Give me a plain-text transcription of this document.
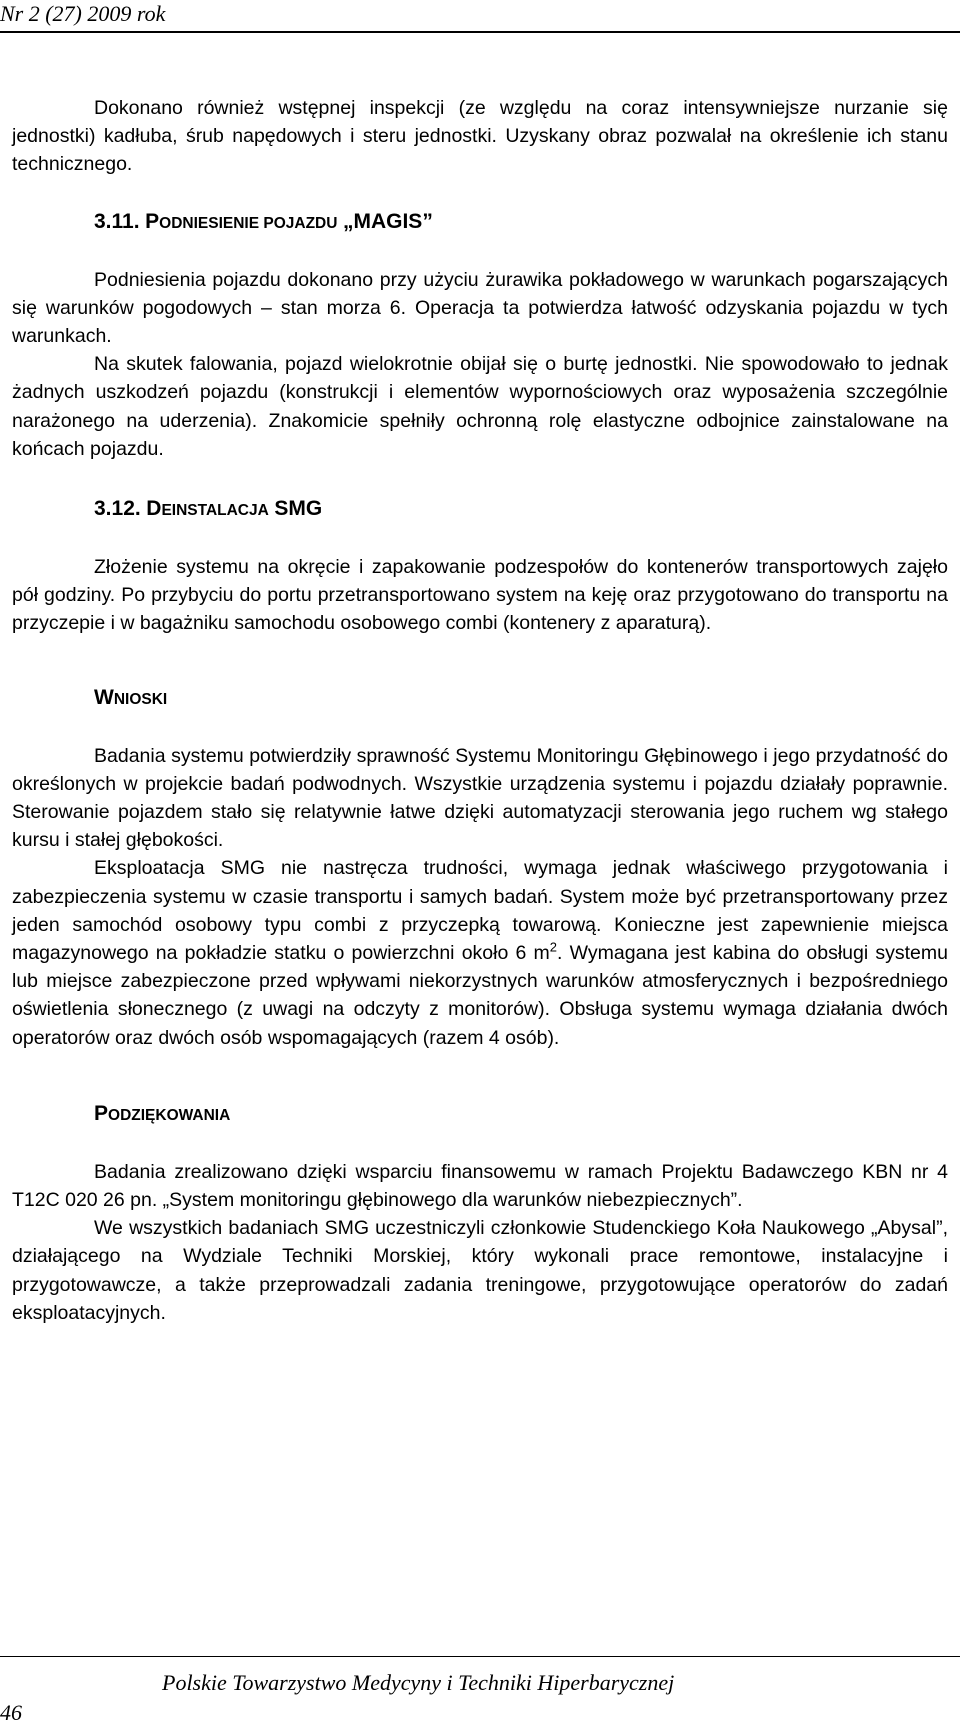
Nr 2 (27) 2009 rok

Dokonano również wstępnej inspekcji (ze względu na coraz intensywniejsze nurzanie się jednostki) kadłuba, śrub napędowych i steru jednostki. Uzyskany obraz pozwalał na określenie ich stanu technicznego.

3.11. PODNIESIENIE POJAZDU „MAGIS”

Podniesienia pojazdu dokonano przy użyciu żurawika pokładowego w warunkach pogarszających się warunków pogodowych – stan morza 6. Operacja ta potwierdza łatwość odzyskania pojazdu w tych warunkach.

Na skutek falowania, pojazd wielokrotnie obijał się o burtę jednostki. Nie spowodowało to jednak żadnych uszkodzeń pojazdu (konstrukcji i elementów wypornościowych oraz wyposażenia szczególnie narażonego na uderzenia). Znakomicie spełniły ochronną rolę elastyczne odbojnice zainstalowane na końcach pojazdu.

3.12. DEINSTALACJA SMG

Złożenie systemu na okręcie i zapakowanie podzespołów do kontenerów transportowych zajęło pół godziny. Po przybyciu do portu przetransportowano system na keję oraz przygotowano do transportu na przyczepie i w bagażniku samochodu osobowego combi (kontenery z aparaturą).

WNIOSKI

Badania systemu potwierdziły sprawność Systemu Monitoringu Głębinowego i jego przydatność do określonych w projekcie badań podwodnych. Wszystkie urządzenia systemu i pojazdu działały poprawnie. Sterowanie pojazdem stało się relatywnie łatwe dzięki automatyzacji sterowania jego ruchem wg stałego kursu i stałej głębokości.

Eksploatacja SMG nie nastręcza trudności, wymaga jednak właściwego przygotowania i zabezpieczenia systemu w czasie transportu i samych badań. System może być przetransportowany przez jeden samochód osobowy typu combi z przyczepką towarową. Konieczne jest zapewnienie miejsca magazynowego na pokładzie statku o powierzchni około 6 $m^2$. Wymagana jest kabina do obsługi systemu lub miejsce zabezpieczone przed wpływami niekorzystnych warunków atmosferycznych i bezpośredniego oświetlenia słonecznego (z uwagi na odczyty z monitorów). Obsługa systemu wymaga działania dwóch operatorów oraz dwóch osób wspomagających (razem 4 osób).

PODZIĘKOWANIA

Badania zrealizowano dzięki wsparciu finansowemu w ramach Projektu Badawczego KBN nr 4 T12C 020 26 pn. „System monitoringu głębinowego dla warunków niebezpiecznych”.

We wszystkich badaniach SMG uczestniczyli członkowie Studenckiego Koła Naukowego „Abysal”, działającego na Wydziale Techniki Morskiej, który wykonali prace remontowe, instalacyjne i przygotowawcze, a także przeprowadzali zadania treningowe, przygotowujące operatorów do zadań eksploatacyjnych.

46
Polskie Towarzystwo Medycyny i Techniki Hiperbarycznej
